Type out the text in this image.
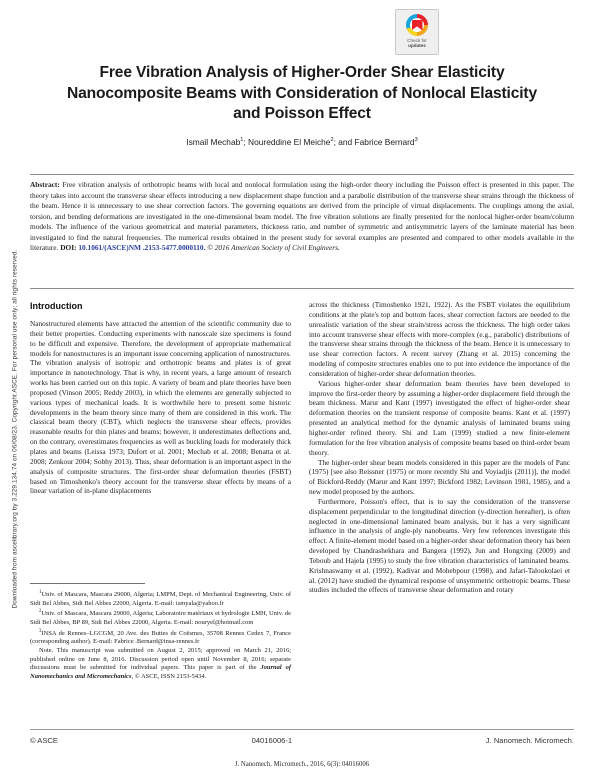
Downloaded from ascelibrary.org by 3.229.134.74 on 06/08/23. Copyright ASCE. For personal use only; all rights reserved.
Check for
updates
Free Vibration Analysis of Higher-Order Shear Elasticity Nanocomposite Beams with Consideration of Nonlocal Elasticity and Poisson Effect
Ismail Mechab$^1$; Noureddine El Meiche$^2$; and Fabrice Bernard$^3$
Abstract: Free vibration analysis of orthotropic beams with local and nonlocal formulation using the high-order theory including the Poisson effect is presented in this paper. The theory takes into account the transverse shear effects introducing a new displacement shape function and a parabolic distribution of the transverse shear strains through the thickness of the beam. Hence it is unnecessary to use shear correction factors. The governing equations are derived from the principle of virtual displacements. The couplings among the axial, torsion, and bending deformations are investigated in the one-dimensional beam model. The free vibration solutions are finally presented for the nonlocal higher-order beam/column models. The influence of the various geometrical and material parameters, thickness ratio, and number of symmetric and antisymmetric layers of the laminate material has been investigated to find the natural frequencies. The numerical results obtained in the present study for several examples are presented and compared to other models available in the literature. DOI: 10.1061/(ASCE)NM .2153-5477.0000110. © 2016 American Society of Civil Engineers.
Introduction

Nanostructured elements have attracted the attention of the scientific community due to their better properties. Conducting experiments with nanoscale size specimens is found to be difficult and expensive. Therefore, the development of appropriate mathematical models for nanostructures is an important issue concerning application of nanostructures. The vibration analysis of isotropic and orthotropic beams and plates is of great importance in nanotechnology. That is why, in recent years, a large amount of research works has been carried out on this topic. A variety of beam and plate theories have been proposed (Vinson 2005; Reddy 2003), in which the elements are generally subjected to various types of mechanical loads. It is worthwhile here to present some historic developments in the beam theory since many of them are considered in this work. The classical beam theory (CBT), which neglects the transverse shear effects, provides reasonable results for thin plates and beams; however, it underestimates deflections and, on the contrary, overestimates frequencies as well as buckling loads for moderately thick plates and beams (Leissa 1973; Dufort et al. 2001; Mechab et al. 2008; Benatta et al. 2008; Zenkour 2004; Sobhy 2013). Thus, shear deformation is an important aspect in the analysis of composite structures. The first-order shear deformation theories (FSBT) based on Timoshenko's theory account for the transverse shear effects by means of a linear variation of in-plane displacements

across the thickness (Timoshenko 1921, 1922). As the FSBT violates the equilibrium conditions at the plate's top and bottom faces, shear correction factors are needed to the unrealistic variation of the shear strain/stress across the thickness. The high order takes into account transverse shear effects with more-complex (e.g., parabolic) distributions of the transverse shear strains through the thickness of the beam. Hence it is unnecessary to use shear correction factors. A recent survey (Zhang et al. 2015) concerning the modeling of composite structures enables one to put into evidence the importance of the consideration of higher-order shear deformation theories.

Various higher-order shear deformation beam theories have been developed to improve the first-order theory by assuming a higher-order displacement field through the beam thickness. Marur and Kant (1997) investigated the effect of higher-order shear deformation theories on the transient response of composite beams. Kant et al. (1997) presented an analytical method for the dynamic analysis of laminated beams using higher-order refined theory. Shi and Lam (1999) studied a new finite-element formulation for the free vibration analysis of composite beams based on third-order beam theory.

The higher-order shear beam models considered in this paper are the models of Panc (1975) [see also Reissner (1975) or more recently Shi and Voyiadjis (2011)], the model of Bickford-Reddy (Marur and Kant 1997; Bickford 1982; Levinson 1981, 1985), and a new model proposed by the authors.

Furthermore, Poisson's effect, that is to say the consideration of the transverse displacement perpendicular to the longitudinal direction (y-direction hereafter), is often neglected in one-dimensional laminated beam analysis, but it has a very significant influence in the analysis of angle-ply nanobeams. Very few references investigate this effect. A finite-element model based on a higher-order shear deformation theory has been developed by Chandrashekhara and Bangera (1992), Jun and Hongxing (2009) and Teboub and Hajela (1995) to study the free vibration characteristics of laminated beams. Krishnaswamy et al. (1992), Kadivar and Mohebpour (1998), and Jafari-Talookolaei et al. (2012) have studied the dynamical response of unsymmetric orthotropic beams. These studies included the effects of transverse shear deformation and rotary

$^1$Univ. of Mascara, Mascara 29000, Algeria; LMPM, Dept. of Mechanical Engineering, Univ. of Sidi Bel Abbes, Sidi Bel Abbes 22000, Algeria. E-mail: ismyala@yahoo.fr

$^2$Univ. of Mascara, Mascara 29000, Algeria; Laboratoire matériaux et hydrologie LMH, Univ. de Sidi Bel Abbes, BP 89, Sidi Bel Abbes 22000, Algeria. E-mail: nouryel@hotmail.com

$^3$INSA de Rennes–LGCGM, 20 Ave. des Buttes de Coësmes, 35708 Rennes Cedex 7, France (corresponding author). E-mail: Fabrice .Bernard@insa-rennes.fr

Note. This manuscript was submitted on August 2, 2015; approved on March 21, 2016; published online on June 8, 2016. Discussion period open until November 8, 2016; separate discussions must be submitted for individual papers. This paper is part of the Journal of Nanomechanics and Micromechanics, © ASCE, ISSN 2153-5434.

© ASCE	04016006-1	J. Nanomech. Micromech.
J. Nanomech. Micromech., 2016, 6(3): 04016006
